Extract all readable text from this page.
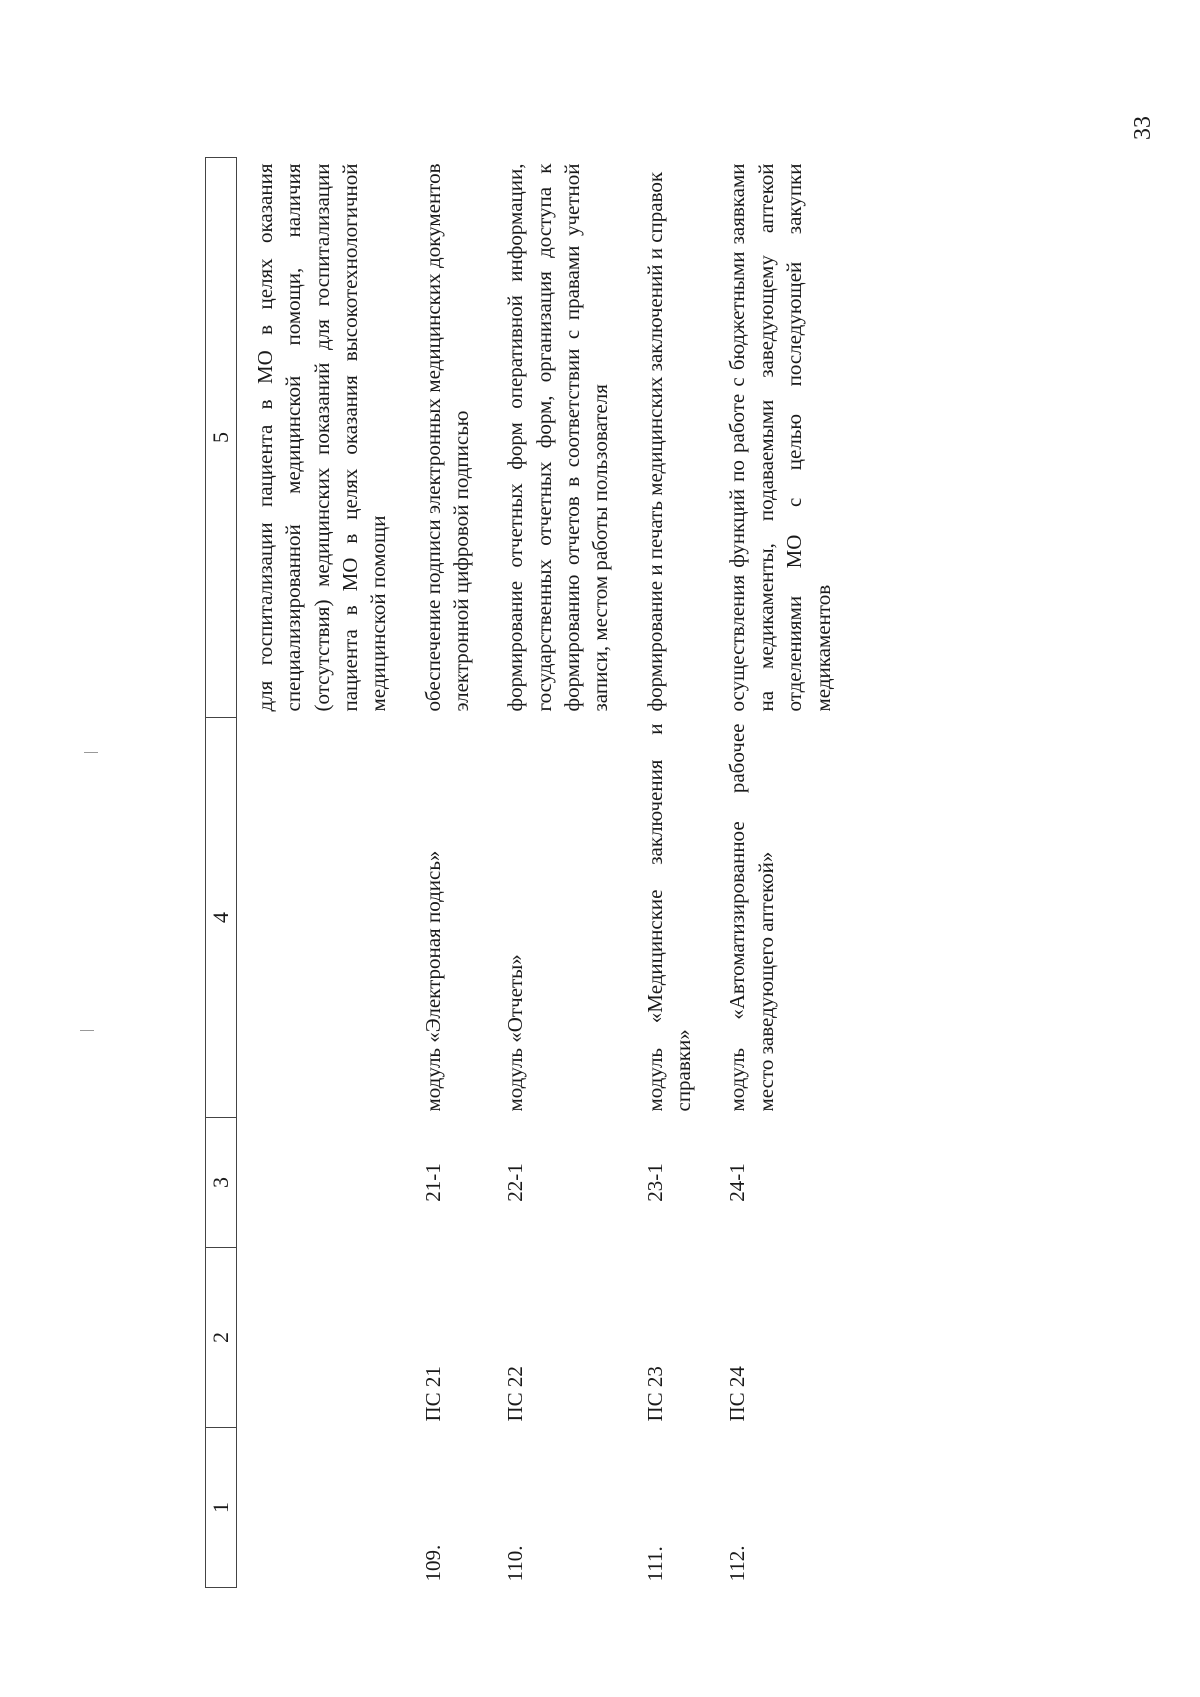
33
1	2	3	4	5
				для госпитализации пациента в МО в целях оказания специализированной медицинской помощи, наличия (отсутствия) медицинских показаний для госпитализации пациента в МО в целях оказания высокотехнологичной медицинской помощи
109.	ПС 21	21-1	модуль «Электроная подись»	обеспечение подписи электронных медицинских документов электронной цифровой подписью
110.	ПС 22	22-1	модуль «Отчеты»	формирование отчетных форм оперативной информации, государственных отчетных форм, организация доступа к формированию отчетов в соответствии с правами учетной записи, местом работы пользователя
111.	ПС 23	23-1	модуль «Медицинские заключения и справки»	формирование и печать медицинских заключений и справок
112.	ПС 24	24-1	модуль «Автоматизированное рабочее место заведующего аптекой»	осуществления функций по работе с бюджетными заявками на медикаменты, подаваемыми заведующему аптекой отделениями МО с целью последующей закупки медикаментов
